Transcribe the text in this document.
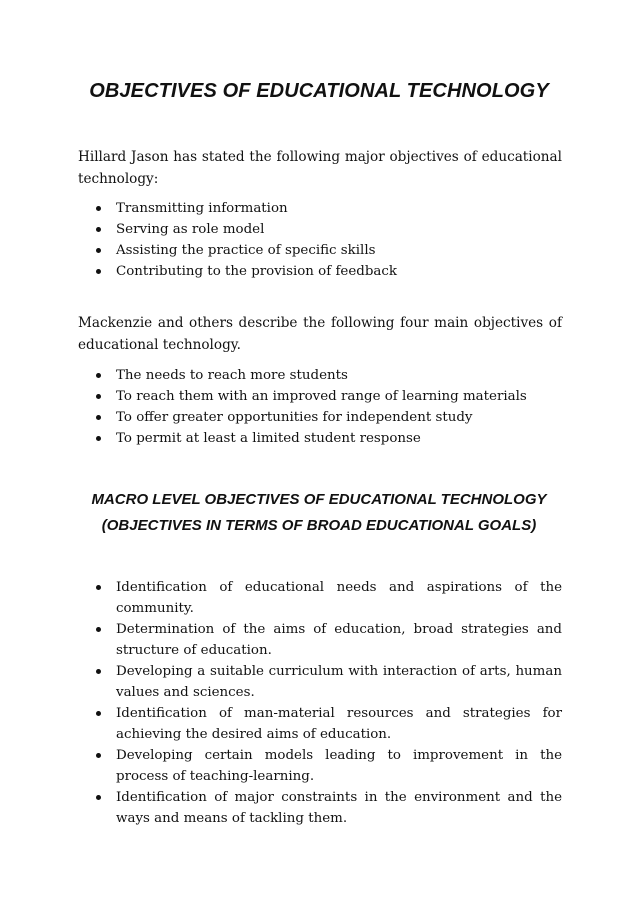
OBJECTIVES OF EDUCATIONAL TECHNOLOGY

Hillard Jason has stated the following major objectives of educational technology:

Transmitting information
Serving as role model
Assisting the practice of specific skills
Contributing to the provision of feedback

Mackenzie and others describe the following four main objectives of educational technology.

The needs to reach more students
To reach them with an improved range of learning materials
To offer greater opportunities for independent study
To permit at least a limited student response
MACRO LEVEL OBJECTIVES OF EDUCATIONAL TECHNOLOGY
(OBJECTIVES IN TERMS OF BROAD EDUCATIONAL GOALS)
Identification of educational needs and aspirations of the community.
Determination of the aims of education, broad strategies and structure of education.
Developing a suitable curriculum with interaction of arts, human values and sciences.
Identification of man-material resources and strategies for achieving the desired aims of education.
Developing certain models leading to improvement in the process of teaching-learning.
Identification of major constraints in the environment and the ways and means of tackling them.
